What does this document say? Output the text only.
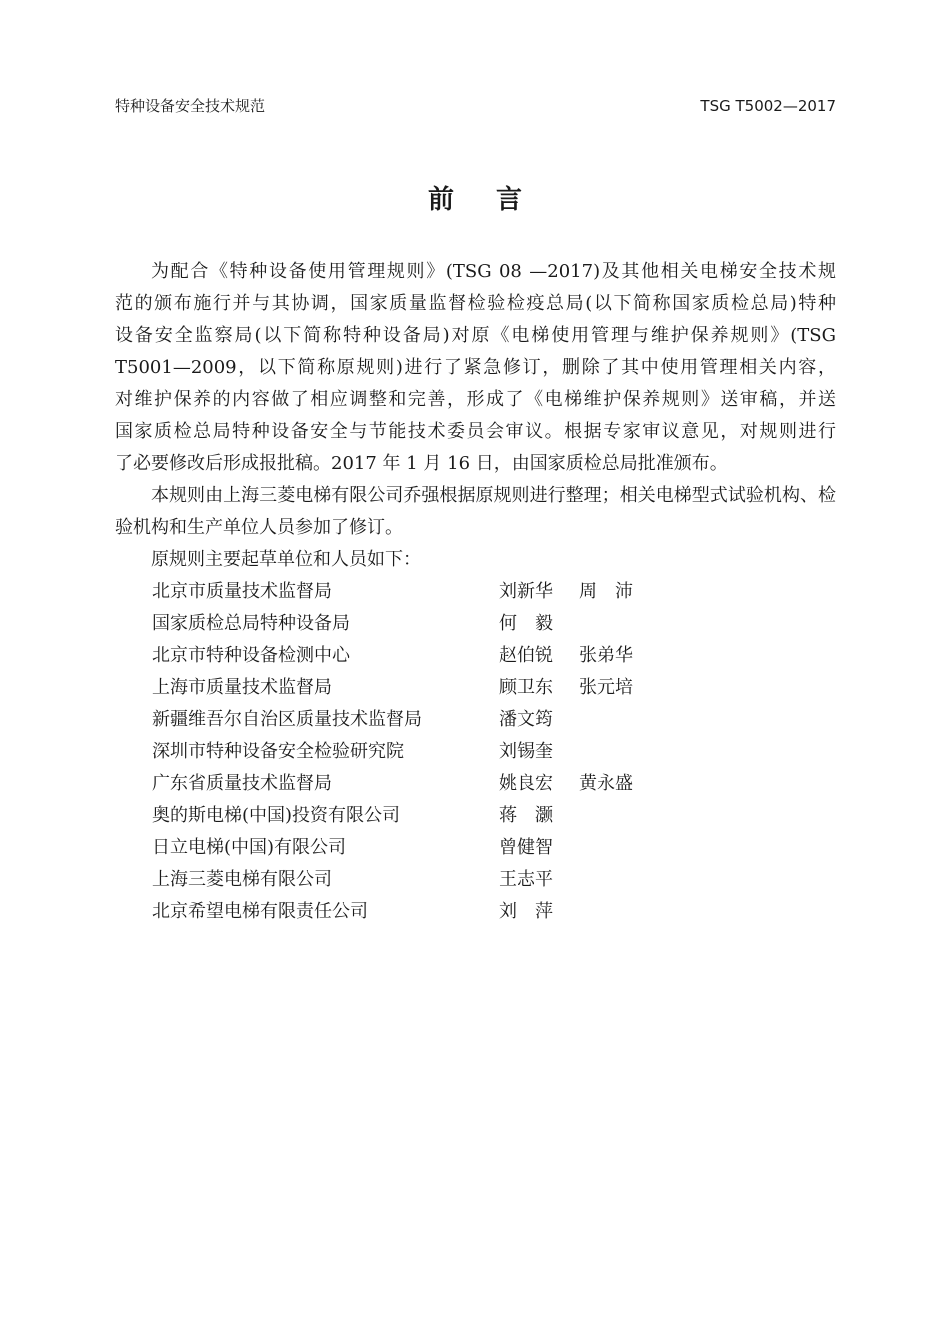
特种设备安全技术规范	TSG T5002—2017
前言
为配合《特种设备使用管理规则》(TSG 08 —2017)及其他相关电梯安全技术规
范的颁布施行并与其协调，国家质量监督检验检疫总局(以下简称国家质检总局)特种
设备安全监察局(以下简称特种设备局)对原《电梯使用管理与维护保养规则》(TSG
T5001—2009，以下简称原规则)进行了紧急修订，删除了其中使用管理相关内容，
对维护保养的内容做了相应调整和完善，形成了《电梯维护保养规则》送审稿，并送
国家质检总局特种设备安全与节能技术委员会审议。根据专家审议意见，对规则进行
了必要修改后形成报批稿。2017 年 1 月 16 日，由国家质检总局批准颁布。
本规则由上海三菱电梯有限公司乔强根据原规则进行整理；相关电梯型式试验机构、检验机构和生产单位人员参加了修订。
原规则主要起草单位和人员如下：
北京市质量技术监督局	刘新华 周　沛
国家质检总局特种设备局	何　毅
北京市特种设备检测中心	赵伯锐 张弟华
上海市质量技术监督局	顾卫东 张元培
新疆维吾尔自治区质量技术监督局	潘文筠
深圳市特种设备安全检验研究院	刘锡奎
广东省质量技术监督局	姚良宏 黄永盛
奥的斯电梯(中国)投资有限公司	蒋　灏
日立电梯(中国)有限公司	曾健智
上海三菱电梯有限公司	王志平
北京希望电梯有限责任公司	刘　萍
